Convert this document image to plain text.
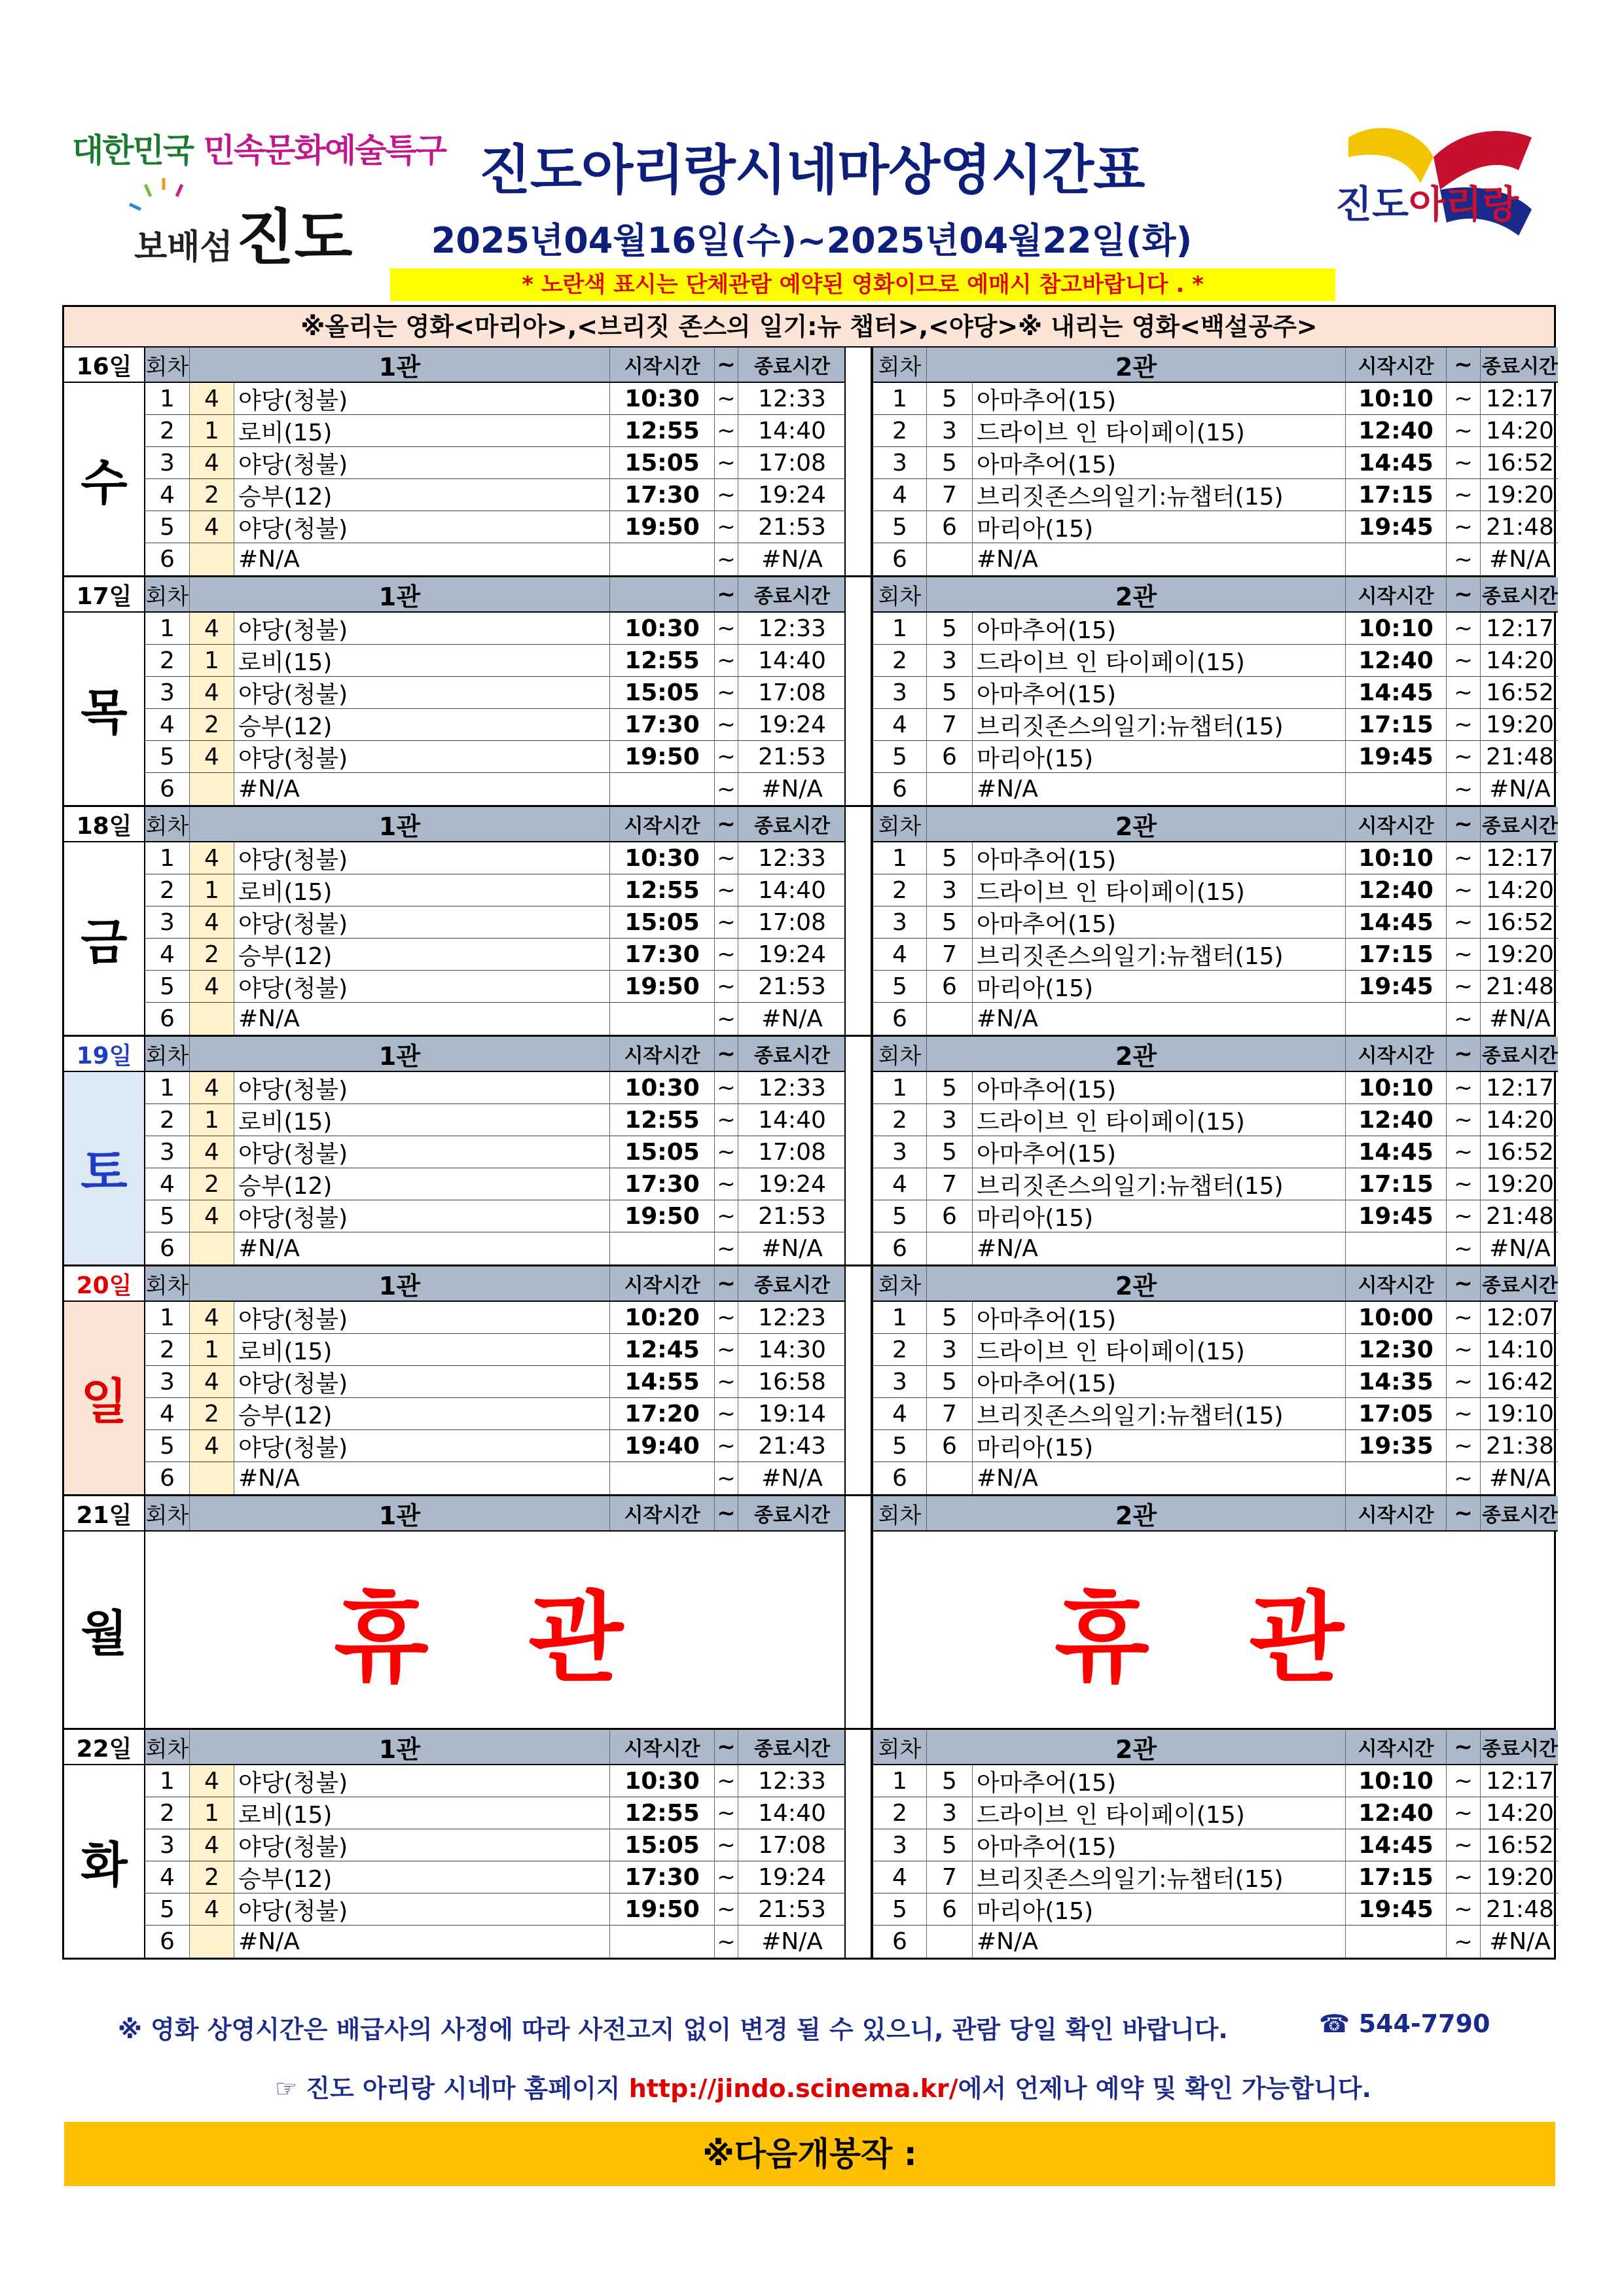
대한민국 민속문화예술특구
보배섬 진도
진도아리랑시네마상영시간표
2025년04월16일(수)~2025년04월22일(화)
* 노란색 표시는 단체관람 예약된 영화이므로 예매시 참고바랍니다 . *
진도아리랑
※올리는 영화<마리아>,<브리짓 존스의 일기:뉴 챕터>,<야당>※ 내리는 영화<백설공주>
16일
수
회차	1관	시작시간 ~ 종료시간
1	4 야당(청불)	10:30 ~ 12:33
2	1 로비(15)	12:55 ~ 14:40
3	4 야당(청불)	15:05 ~ 17:08
4	2 승부(12)	17:30 ~ 19:24
5	4 야당(청불)	19:50 ~ 21:53
6	#N/A	~	#N/A
회차	2관	시작시간 ~ 종료시간
1	5 아마추어(15)	10:10 ~ 12:17
2	3 드라이브 인 타이페이(15)	12:40 ~ 14:20
3	5 아마추어(15)	14:45 ~ 16:52
4	7 브리짓존스의일기:뉴챕터(15)	17:15 ~ 19:20
5	6 마리아(15)	19:45 ~ 21:48
6	#N/A	~ #N/A
17일
목
회차	1관	~ 종료시간
1	4 야당(청불)	10:30 ~ 12:33
2	1 로비(15)	12:55 ~ 14:40
3	4 야당(청불)	15:05 ~ 17:08
4	2 승부(12)	17:30 ~ 19:24
5	4 야당(청불)	19:50 ~ 21:53
6	#N/A	~	#N/A
회차	2관	시작시간 ~ 종료시간
1	5 아마추어(15)	10:10 ~ 12:17
2	3 드라이브 인 타이페이(15)	12:40 ~ 14:20
3	5 아마추어(15)	14:45 ~ 16:52
4	7 브리짓존스의일기:뉴챕터(15)	17:15 ~ 19:20
5	6 마리아(15)	19:45 ~ 21:48
6	#N/A	~ #N/A
18일
금
회차	1관	시작시간 ~ 종료시간
1	4 야당(청불)	10:30 ~ 12:33
2	1 로비(15)	12:55 ~ 14:40
3	4 야당(청불)	15:05 ~ 17:08
4	2 승부(12)	17:30 ~ 19:24
5	4 야당(청불)	19:50 ~ 21:53
6	#N/A	~	#N/A
회차	2관	시작시간 ~ 종료시간
1	5 아마추어(15)	10:10 ~ 12:17
2	3 드라이브 인 타이페이(15)	12:40 ~ 14:20
3	5 아마추어(15)	14:45 ~ 16:52
4	7 브리짓존스의일기:뉴챕터(15)	17:15 ~ 19:20
5	6 마리아(15)	19:45 ~ 21:48
6	#N/A	~ #N/A
19일
토
회차	1관	시작시간 ~ 종료시간
1	4 야당(청불)	10:30 ~ 12:33
2	1 로비(15)	12:55 ~ 14:40
3	4 야당(청불)	15:05 ~ 17:08
4	2 승부(12)	17:30 ~ 19:24
5	4 야당(청불)	19:50 ~ 21:53
6	#N/A	~	#N/A
회차	2관	시작시간 ~ 종료시간
1	5 아마추어(15)	10:10 ~ 12:17
2	3 드라이브 인 타이페이(15)	12:40 ~ 14:20
3	5 아마추어(15)	14:45 ~ 16:52
4	7 브리짓존스의일기:뉴챕터(15)	17:15 ~ 19:20
5	6 마리아(15)	19:45 ~ 21:48
6	#N/A	~ #N/A
20일
일
회차	1관	시작시간 ~ 종료시간
1	4 야당(청불)	10:20 ~ 12:23
2	1 로비(15)	12:45 ~ 14:30
3	4 야당(청불)	14:55 ~ 16:58
4	2 승부(12)	17:20 ~ 19:14
5	4 야당(청불)	19:40 ~ 21:43
6	#N/A	~	#N/A
회차	2관	시작시간 ~ 종료시간
1	5 아마추어(15)	10:00 ~ 12:07
2	3 드라이브 인 타이페이(15)	12:30 ~ 14:10
3	5 아마추어(15)	14:35 ~ 16:42
4	7 브리짓존스의일기:뉴챕터(15)	17:05 ~ 19:10
5	6 마리아(15)	19:35 ~ 21:38
6	#N/A	~ #N/A
21일
월
회차	1관	시작시간 ~ 종료시간
휴 관
회차	2관	시작시간 ~ 종료시간
휴 관
22일
화
회차	1관	시작시간 ~ 종료시간
1	4 야당(청불)	10:30 ~ 12:33
2	1 로비(15)	12:55 ~ 14:40
3	4 야당(청불)	15:05 ~ 17:08
4	2 승부(12)	17:30 ~ 19:24
5	4 야당(청불)	19:50 ~ 21:53
6	#N/A	~	#N/A
회차	2관	시작시간 ~ 종료시간
1	5 아마추어(15)	10:10 ~ 12:17
2	3 드라이브 인 타이페이(15)	12:40 ~ 14:20
3	5 아마추어(15)	14:45 ~ 16:52
4	7 브리짓존스의일기:뉴챕터(15)	17:15 ~ 19:20
5	6 마리아(15)	19:45 ~ 21:48
6	#N/A	~ #N/A
※ 영화 상영시간은 배급사의 사정에 따라 사전고지 없이 변경 될 수 있으니, 관람 당일 확인 바랍니다.	☎ 544-7790
☞ 진도 아리랑 시네마 홈페이지 http://jindo.scinema.kr/에서 언제나 예약 및 확인 가능합니다.
※다음개봉작 :
